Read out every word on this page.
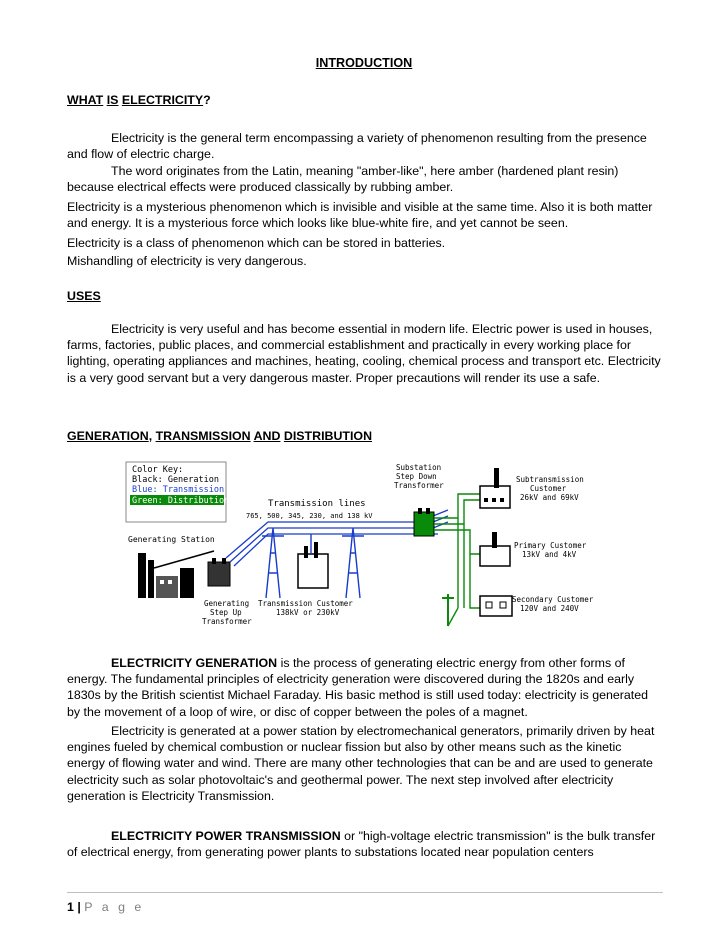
INTRODUCTION
WHAT IS ELECTRICITY?

Electricity is the general term encompassing a variety of phenomenon resulting from the presence and flow of electric charge.

The word originates from the Latin, meaning "amber-like", here amber (hardened plant resin) because electrical effects were produced classically by rubbing amber.

Electricity is a mysterious phenomenon which is invisible and visible at the same time. Also it is both matter and energy. It is a mysterious force which looks like blue-white fire, and yet cannot be seen.

Electricity is a class of phenomenon which can be stored in batteries.

Mishandling of electricity is very dangerous.

USES

Electricity is very useful and has become essential in modern life. Electric power is used in houses, farms, factories, public places, and commercial establishment and practically in every working place for lighting, operating appliances and machines, heating, cooling, chemical process and transport etc. Electricity is a very good servant but a very dangerous master. Proper precautions will render its use a safe.

GENERATION, TRANSMISSION AND DISTRIBUTION
Color Key:
Black: Generation
Blue: Transmission
Green: Distribution
Generating Station
Generating
Step Up
Transformer
Transmission lines
765, 500, 345, 230, and 138 kV
Transmission Customer
138kV or 230kV
Substation
Step Down
Transformer
Subtransmission
Customer
26kV and 69kV
Primary Customer
13kV and 4kV
Secondary Customer
120V and 240V

ELECTRICITY GENERATION is the process of generating electric energy from other forms of energy. The fundamental principles of electricity generation were discovered during the 1820s and early 1830s by the British scientist Michael Faraday. His basic method is still used today: electricity is generated by the movement of a loop of wire, or disc of copper between the poles of a magnet.

Electricity is generated at a power station by electromechanical generators, primarily driven by heat engines fueled by chemical combustion or nuclear fission but also by other means such as the kinetic energy of flowing water and wind. There are many other technologies that can be and are used to generate electricity such as solar photovoltaic's and geothermal power. The next step involved after electricity generation is Electricity Transmission.

ELECTRICITY POWER TRANSMISSION or "high-voltage electric transmission" is the bulk transfer of electrical energy, from generating power plants to substations located near population centers

1 | P a g e
